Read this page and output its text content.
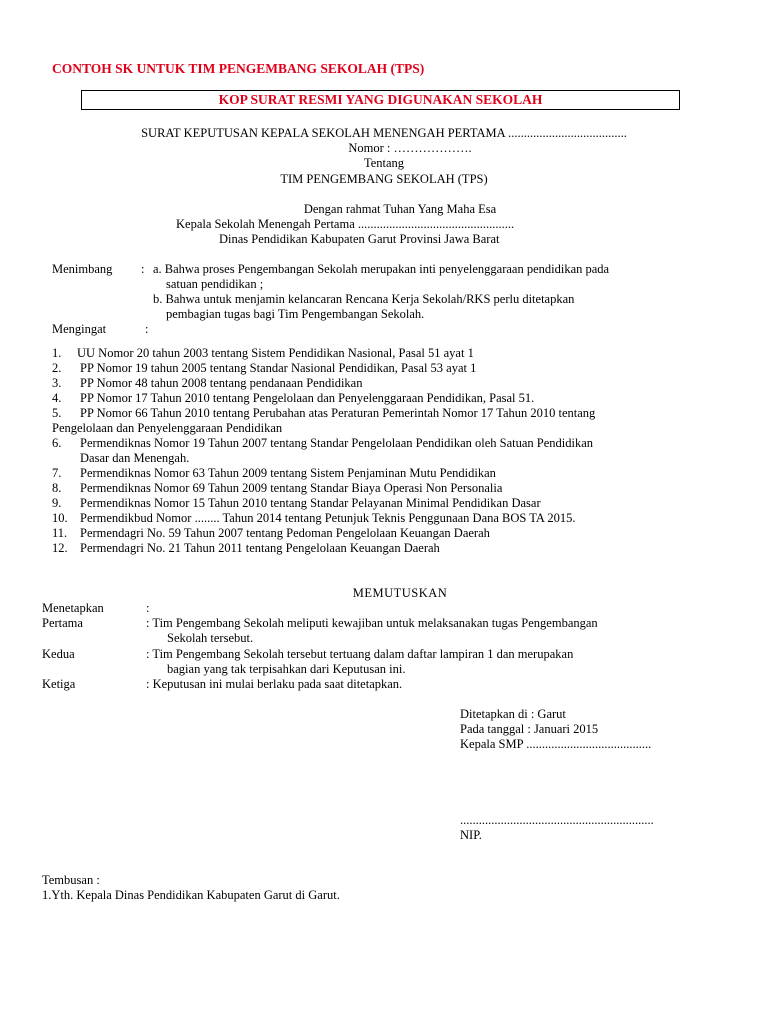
CONTOH SK UNTUK TIM PENGEMBANG SEKOLAH (TPS)
KOP SURAT RESMI YANG DIGUNAKAN SEKOLAH
SURAT KEPUTUSAN KEPALA SEKOLAH MENENGAH PERTAMA ......................................
Nomor : ……………….
Tentang
TIM PENGEMBANG SEKOLAH (TPS)
Dengan rahmat Tuhan Yang Maha Esa
Kepala Sekolah Menengah Pertama ..................................................
Dinas Pendidikan Kabupaten Garut Provinsi Jawa Barat
Menimbang : a. Bahwa proses Pengembangan Sekolah merupakan inti penyelenggaraan pendidikan pada
satuan pendidikan ;
b. Bahwa untuk menjamin kelancaran Rencana Kerja Sekolah/RKS perlu ditetapkan
pembagian tugas bagi Tim Pengembangan Sekolah.
Mengingat	:
1.	UU Nomor 20 tahun 2003 tentang Sistem Pendidikan Nasional, Pasal 51 ayat 1
2.	PP Nomor 19 tahun 2005 tentang Standar Nasional Pendidikan, Pasal 53 ayat 1
3.	PP Nomor 48 tahun 2008 tentang pendanaan Pendidikan
4.	PP Nomor 17 Tahun 2010 tentang Pengelolaan dan Penyelenggaraan Pendidikan, Pasal 51.
5.	PP Nomor 66 Tahun 2010 tentang Perubahan atas Peraturan Pemerintah Nomor 17 Tahun 2010 tentang
Pengelolaan dan Penyelenggaraan Pendidikan
6.	Permendiknas Nomor 19 Tahun 2007 tentang Standar Pengelolaan Pendidikan oleh Satuan Pendidikan
Dasar dan Menengah.
7.	Permendiknas Nomor 63 Tahun 2009 tentang Sistem Penjaminan Mutu Pendidikan
8.	Permendiknas Nomor 69 Tahun 2009 tentang Standar Biaya Operasi Non Personalia
9.	Permendiknas Nomor 15 Tahun 2010 tentang Standar Pelayanan Minimal Pendidikan Dasar
10. Permendikbud Nomor ........ Tahun 2014 tentang Petunjuk Teknis Penggunaan Dana BOS TA 2015.
11.	Permendagri No. 59 Tahun 2007 tentang Pedoman Pengelolaan Keuangan Daerah
12. Permendagri No. 21 Tahun 2011 tentang Pengelolaan Keuangan Daerah
MEMUTUSKAN
Menetapkan	:
Pertama	: Tim Pengembang Sekolah meliputi kewajiban untuk melaksanakan tugas Pengembangan
Sekolah tersebut.
Kedua	: Tim Pengembang Sekolah tersebut tertuang dalam daftar lampiran 1 dan merupakan
bagian yang tak terpisahkan dari Keputusan ini.
Ketiga	: Keputusan ini mulai berlaku pada saat ditetapkan.
Ditetapkan di : Garut
Pada tanggal : Januari 2015
Kepala SMP ........................................
..............................................................
NIP.
Tembusan :
1.Yth. Kepala Dinas Pendidikan Kabupaten Garut di Garut.
